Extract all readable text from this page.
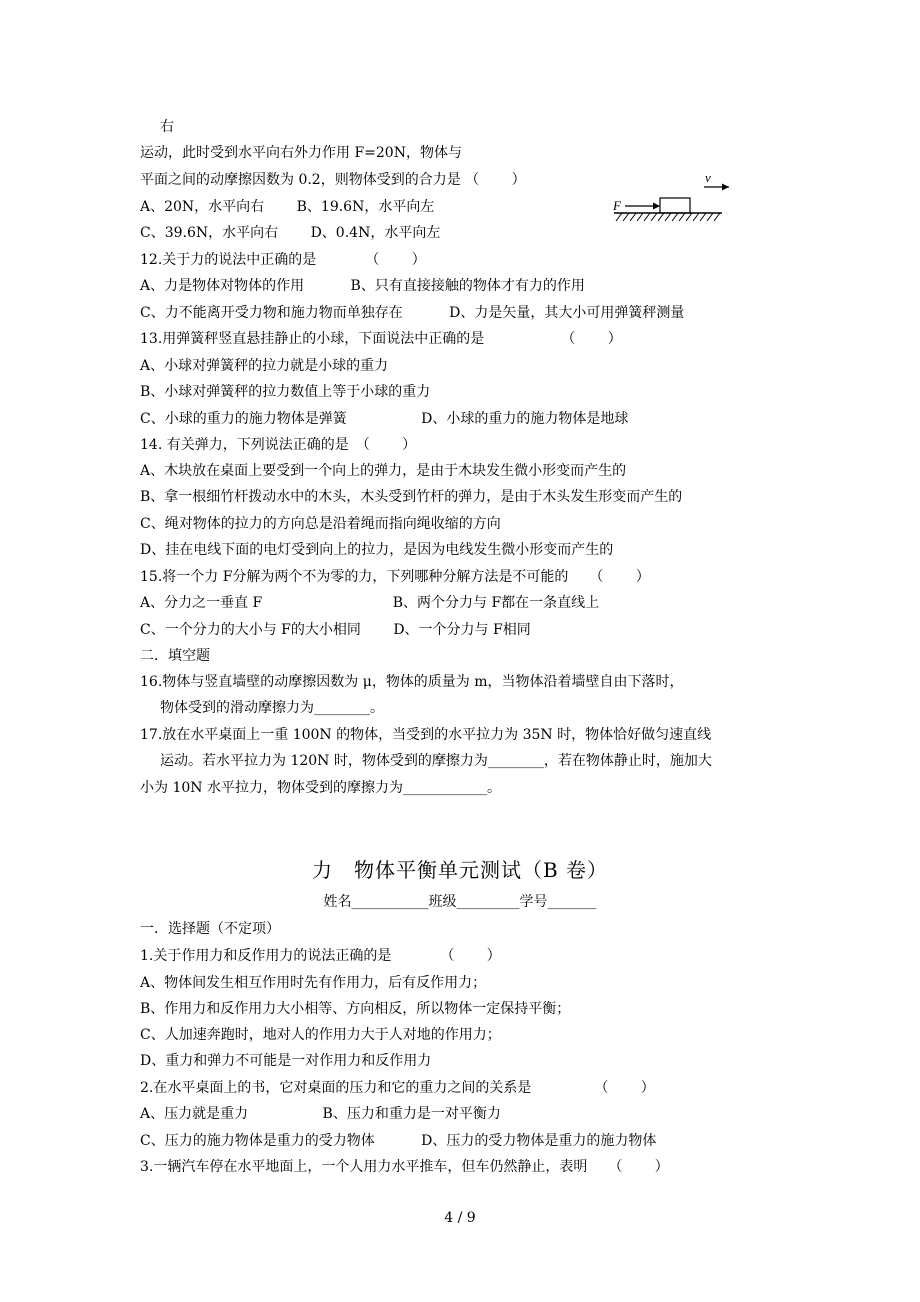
右
运动，此时受到水平向右外力作用 F=20N，物体与
平面之间的动摩擦因数为 0.2，则物体受到的合力是 （　　 ）
A、20N，水平向右　　 B、19.6N，水平向左
C、39.6N，水平向右　　 D、0.4N，水平向左
v
F
12.关于力的说法中正确的是　　　　（　　 ）
A、力是物体对物体的作用　　　 B、只有直接接触的物体才有力的作用
C、力不能离开受力物和施力物而单独存在　　　 D、力是矢量，其大小可用弹簧秤测量
13.用弹簧秤竖直悬挂静止的小球，下面说法中正确的是　　　　　　（　　 ）
A、小球对弹簧秤的拉力就是小球的重力
B、小球对弹簧秤的拉力数值上等于小球的重力
C、小球的重力的施力物体是弹簧　　　　　 D、小球的重力的施力物体是地球
14. 有关弹力，下列说法正确的是　（　　 ）
A、木块放在桌面上要受到一个向上的弹力，是由于木块发生微小形变而产生的
B、拿一根细竹杆拨动水中的木头，木头受到竹杆的弹力，是由于木头发生形变而产生的
C、绳对物体的拉力的方向总是沿着绳而指向绳收缩的方向
D、挂在电线下面的电灯受到向上的拉力，是因为电线发生微小形变而产生的
15.将一个力 F分解为两个不为零的力，下列哪种分解方法是不可能的　　（　　 ）
A、分力之一垂直 F　　　　　　　　　 B、两个分力与 F都在一条直线上
C、一个分力的大小与 F的大小相同　　 D、一个分力与 F相同
二．填空题
16.物体与竖直墙壁的动摩擦因数为 μ，物体的质量为 m，当物体沿着墙壁自由下落时，
物体受到的滑动摩擦力为________。
17.放在水平桌面上一重 100N 的物体，当受到的水平拉力为 35N 时，物体恰好做匀速直线
运动。若水平拉力为 120N 时，物体受到的摩擦力为________，若在物体静止时，施加大
小为 10N 水平拉力，物体受到的摩擦力为____________。
力　物体平衡单元测试（B 卷）
姓名___________班级_________学号_______
一．选择题（不定项）
1.关于作用力和反作用力的说法正确的是　　　　（　　 ）
A、物体间发生相互作用时先有作用力，后有反作用力；
B、作用力和反作用力大小相等、方向相反，所以物体一定保持平衡；
C、人加速奔跑时，地对人的作用力大于人对地的作用力；
D、重力和弹力不可能是一对作用力和反作用力
2.在水平桌面上的书，它对桌面的压力和它的重力之间的关系是　　　　　（　　 ）
A、压力就是重力　　　　　 B、压力和重力是一对平衡力
C、压力的施力物体是重力的受力物体　　　 D、压力的受力物体是重力的施力物体
3.一辆汽车停在水平地面上，一个人用力水平推车，但车仍然静止，表明　　（　　 ）
4 / 9
